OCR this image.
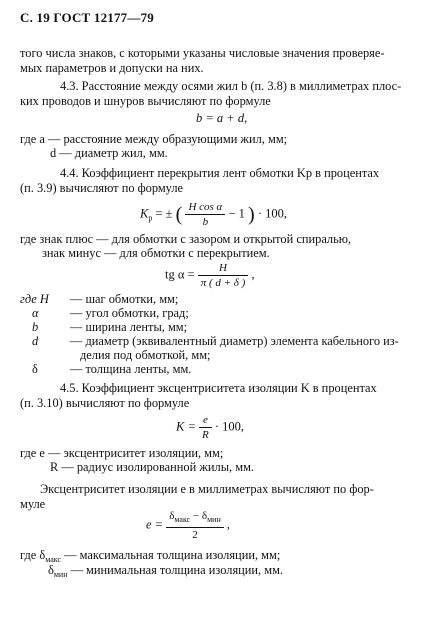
С. 19 ГОСТ 12177—79
того числа знаков, с которыми указаны числовые значения проверяе-
мых параметров и допуски на них.
4.3. Расстояние между осями жил b (п. 3.8) в миллиметрах плос-
ких проводов и шнуров вычисляют по формуле
b = a + d,
где a — расстояние между образующими жил, мм;
d — диаметр жил, мм.
4.4. Коэффициент перекрытия лент обмотки Kр в процентах
(п. 3.9) вычисляют по формуле
$K_р$ = ± ( $\frac{\text{H cos α}}{b} - 1$ ) · 100,
где знак плюс — для обмотки с зазором и открытой спиралью,
знак минус — для обмотки с перекрытием.
tg $\alpha = \frac{H}{\pi ( d + \delta )}$ ,
где H — шаг обмотки, мм;
α	— угол обмотки, град;
b	— ширина ленты, мм;
d	— диаметр (эквивалентный диаметр) элемента кабельного из-
делия под обмоткой, мм;
δ	— толщина ленты, мм.
4.5. Коэффициент эксцентриситета изоляции K в процентах
(п. 3.10) вычисляют по формуле
$K = \frac{e}{R} \cdot 100$,
где e — эксцентриситет изоляции, мм;
R — радиус изолированной жилы, мм.
Эксцентриситет изоляции e в миллиметрах вычисляют по фор-
муле
$e = \frac{\delta_{макс} - \delta_{мин}}{2}$ ,
где $\delta_{макс}$ — максимальная толщина изоляции, мм;
$\delta_{мин}$ — минимальная толщина изоляции, мм.
